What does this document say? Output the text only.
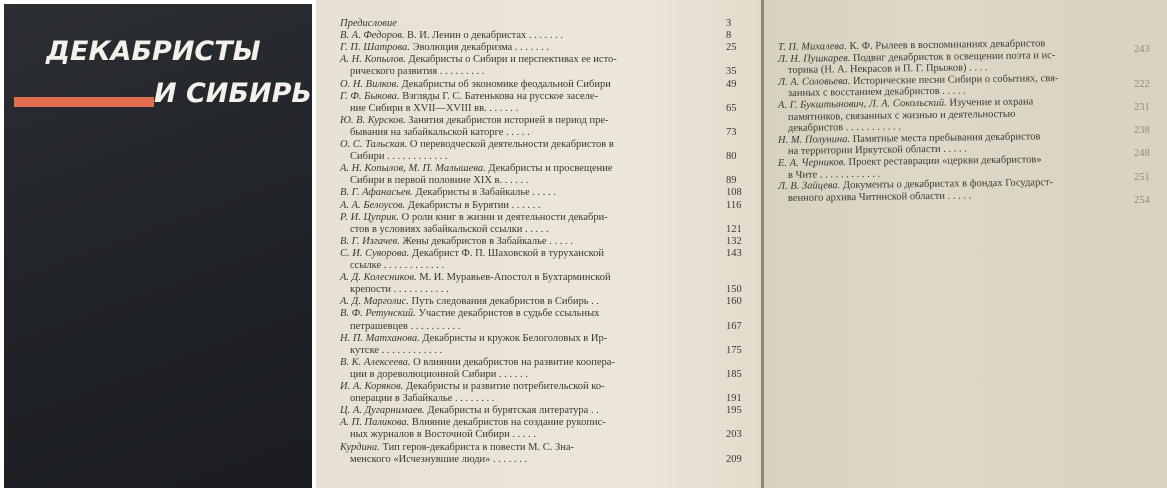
ДЕКАБРИСТЫ
И СИБИРЬ
Предисловие	3
В. А. Федоров. В. И. Ленин о декабристах . . . . . . .	8
Г. П. Шатрова. Эволюция декабризма . . . . . . .	25
А. Н. Копылов. Декабристы о Сибири и перспективах ее исто-
рического развития . . . . . . . . .	35
О. Н. Вилков. Декабристы об экономике феодальной Сибири	49
Г. Ф. Быкова. Взгляды Г. С. Батенькова на русское заселе-
ние Сибири в XVII—XVIII вв. . . . . . .	65
Ю. В. Курсков. Занятия декабристов историей в период пре-
бывания на забайкальской каторге . . . . .	73
О. С. Тальская. О переводческой деятельности декабристов в
Сибири . . . . . . . . . . . .	80
А. Н. Копылов, М. П. Малышева. Декабристы и просвещение
Сибири в первой половине XIX в. . . . . .	89
В. Г. Афанасьев. Декабристы в Забайкалье . . . . .	108
А. А. Белоусов. Декабристы в Бурятии . . . . . .	116
Р. И. Цуприк. О роли книг в жизни и деятельности декабри-
стов в условиях забайкальской ссылки . . . . .	121
В. Г. Изгачев. Жены декабристов в Забайкалье . . . . .	132
С. И. Суворова. Декабрист Ф. П. Шаховской в туруханской	143
ссылке . . . . . . . . . . . .
А. Д. Колесников. М. И. Муравьев-Апостол в Бухтарминской
крепости . . . . . . . . . . .	150
А. Д. Марголис. Путь следования декабристов в Сибирь . .	160
В. Ф. Ретунский. Участие декабристов в судьбе ссыльных
петрашевцев . . . . . . . . . .	167
Н. П. Матханова. Декабристы и кружок Белоголовых в Ир-
кутске . . . . . . . . . . . .	175
В. К. Алексеева. О влиянии декабристов на развитие коопера-
ции в дореволюционной Сибири . . . . . .	185
И. А. Коряков. Декабристы и развитие потребительской ко-
операции в Забайкалье . . . . . . . .	191
Ц. А. Дугарнимаев. Декабристы и бурятская литература . .	195
А. П. Паликова. Влияние декабристов на создание рукопис-
ных журналов в Восточной Сибири . . . . .	203
Курдина. Тип героя-декабриста в повести М. С. Зна-
менского «Исчезнувшие люди» . . . . . . .	209
Т. П. Михалева. К. Ф. Рылеев в воспоминаниях декабристов	243
Л. Н. Пушкарев. Подвиг декабристок в освещении поэта и ис-
торика (Н. А. Некрасов и П. Г. Прыжов) . . . .
Л. А. Соловьева. Исторические песни Сибири о событиях, свя-	222
занных с восстанием декабристов . . . . .
А. Г. Букштынович, Л. А. Сокольский. Изучение и охрана	231
памятников, связанных с жизнью и деятельностью
декабристов . . . . . . . . . . .	238
Н. М. Полунина. Памятные места пребывания декабристов
на территории Иркутской области . . . . .	248
Е. А. Черников. Проект реставрации «церкви декабристов»
в Чите . . . . . . . . . . . .	251
Л. В. Зайцева. Документы о декабристах в фондах Государст-
венного архива Читинской области . . . . .	254
